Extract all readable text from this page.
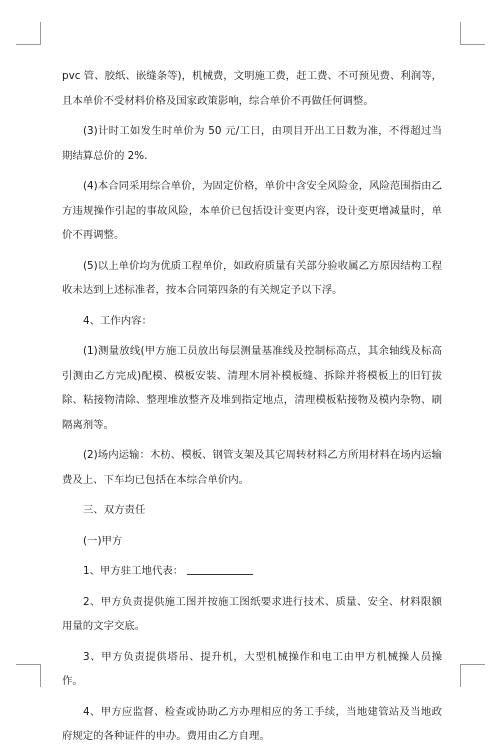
pvc 管、胶纸、嵌缝条等)，机械费，文明施工费，赶工费、不可预见费、利润等，且本单价不受材料价格及国家政策影响，综合单价不再做任何调整。

(3)计时工如发生时单价为 50 元/工日，由项目开出工日数为准，不得超过当期结算总价的 2%.

(4)本合同采用综合单价，为固定价格，单价中含安全风险金，风险范围指由乙方违规操作引起的事故风险，本单价已包括设计变更内容，设计变更增减量时，单价不再调整。

(5)以上单价均为优质工程单价，如政府质量有关部分验收属乙方原因结构工程收未达到上述标准者，按本合同第四条的有关规定予以下浮。

4、工作内容：

(1)测量放线(甲方施工员放出每层测量基准线及控制标高点，其余轴线及标高引测由乙方完成)配模、模板安装、清理木屑补模板缝、拆除并将模板上的旧钉拔除、粘接物清除、整理堆放整齐及堆到指定地点，清理模板粘接物及模内杂物、刷隔离剂等。

(2)场内运输：木枋、模板、钢管支架及其它周转材料乙方所用材料在场内运输费及上、下车均已包括在本综合单价内。

三、双方责任

(一)甲方

1、甲方驻工地代表：

2、甲方负责提供施工图并按施工图纸要求进行技术、质量、安全、材料限额用量的文字交底。

3、甲方负责提供塔吊、提升机，大型机械操作和电工由甲方机械操人员操作。

4、甲方应监督、检查或协助乙方办理相应的务工手续，当地建管站及当地政府规定的各种证件的申办。费用由乙方自理。
